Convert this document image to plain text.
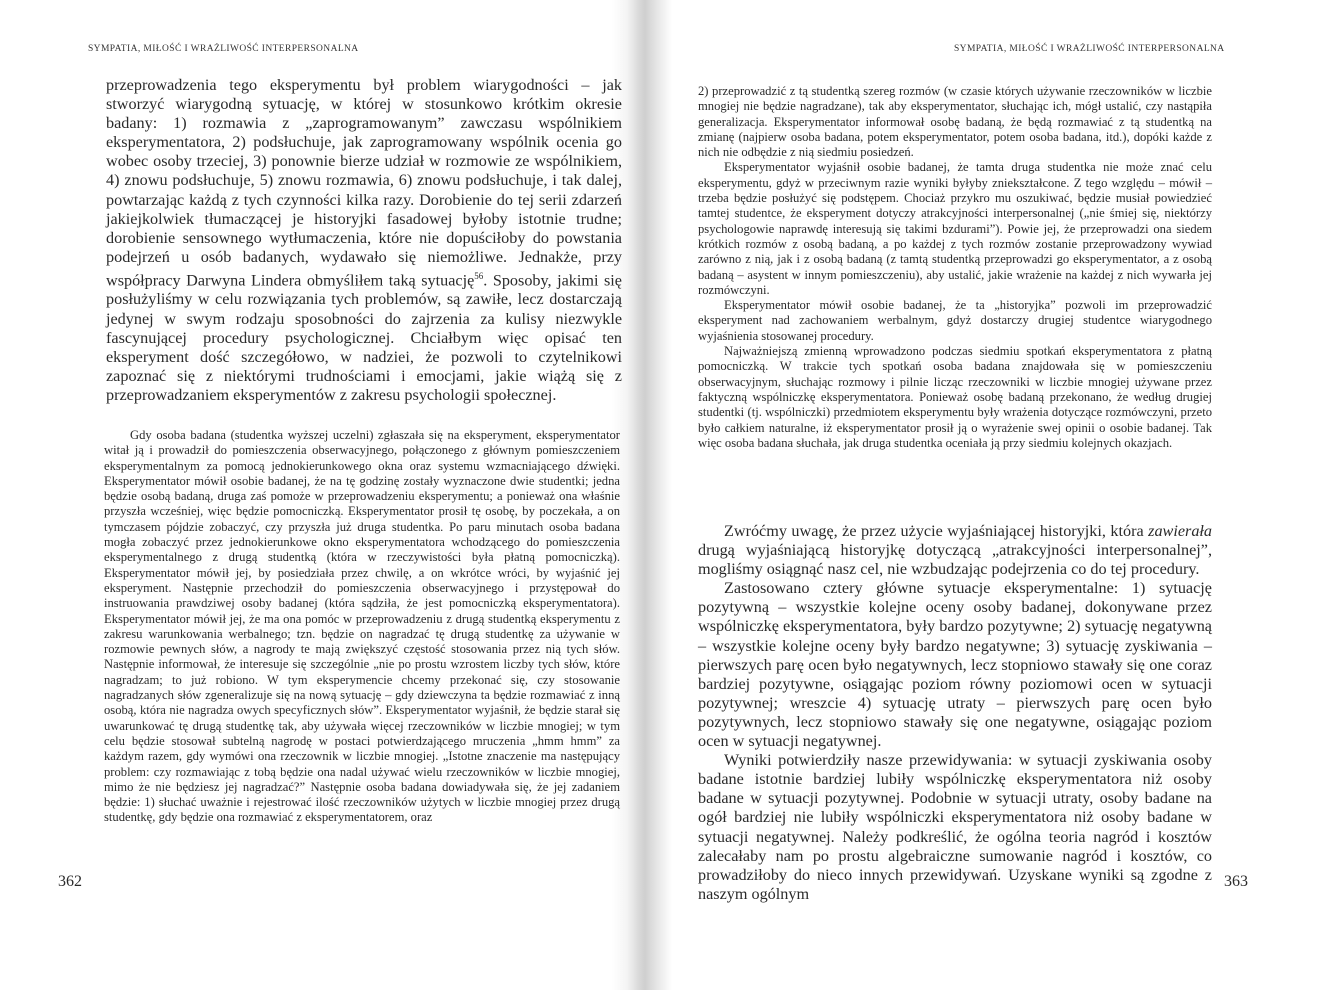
SYMPATIA, MIŁOŚĆ I WRAŻLIWOŚĆ INTERPERSONALNA

przeprowadzenia tego eksperymentu był problem wiarygodności – jak stworzyć wiarygodną sytuację, w której w stosunkowo krótkim okresie badany: 1) rozmawia z „zaprogramowanym” zawczasu wspólnikiem eksperymentatora, 2) podsłuchuje, jak zaprogramowany wspólnik ocenia go wobec osoby trzeciej, 3) ponownie bierze udział w rozmowie ze wspólnikiem, 4) znowu podsłuchuje, 5) znowu rozmawia, 6) znowu podsłuchuje, i tak dalej, powtarzając każdą z tych czynności kilka razy. Dorobienie do tej serii zdarzeń jakiejkolwiek tłumaczącej je historyjki fasadowej byłoby istotnie trudne; dorobienie sensownego wytłumaczenia, które nie dopuściłoby do powstania podejrzeń u osób badanych, wydawało się niemożliwe. Jednakże, przy współpracy Darwyna Lindera obmyśliłem taką sytuację$^{56}$. Sposoby, jakimi się posłużyliśmy w celu rozwiązania tych problemów, są zawiłe, lecz dostarczają jedynej w swym rodzaju sposobności do zajrzenia za kulisy niezwykle fascynującej procedury psychologicznej. Chciałbym więc opisać ten eksperyment dość szczegółowo, w nadziei, że pozwoli to czytelnikowi zapoznać się z niektórymi trudnościami i emocjami, jakie wiążą się z przeprowadzaniem eksperymentów z zakresu psychologii społecznej.

Gdy osoba badana (studentka wyższej uczelni) zgłaszała się na eksperyment, eksperymentator witał ją i prowadził do pomieszczenia obserwacyjnego, połączonego z głównym pomieszczeniem eksperymentalnym za pomocą jednokierunkowego okna oraz systemu wzmacniającego dźwięki. Eksperymentator mówił osobie badanej, że na tę godzinę zostały wyznaczone dwie studentki; jedna będzie osobą badaną, druga zaś pomoże w przeprowadzeniu eksperymentu; a ponieważ ona właśnie przyszła wcześniej, więc będzie pomocniczką. Eksperymentator prosił tę osobę, by poczekała, a on tymczasem pójdzie zobaczyć, czy przyszła już druga studentka. Po paru minutach osoba badana mogła zobaczyć przez jednokierunkowe okno eksperymentatora wchodzącego do pomieszczenia eksperymentalnego z drugą studentką (która w rzeczywistości była płatną pomocniczką). Eksperymentator mówił jej, by posiedziała przez chwilę, a on wkrótce wróci, by wyjaśnić jej eksperyment. Następnie przechodził do pomieszczenia obserwacyjnego i przystępował do instruowania prawdziwej osoby badanej (która sądziła, że jest pomocniczką eksperymentatora). Eksperymentator mówił jej, że ma ona pomóc w przeprowadzeniu z drugą studentką eksperymentu z zakresu warunkowania werbalnego; tzn. będzie on nagradzać tę drugą studentkę za używanie w rozmowie pewnych słów, a nagrody te mają zwiększyć częstość stosowania przez nią tych słów. Następnie informował, że interesuje się szczególnie „nie po prostu wzrostem liczby tych słów, które nagradzam; to już robiono. W tym eksperymencie chcemy przekonać się, czy stosowanie nagradzanych słów zgeneralizuje się na nową sytuację – gdy dziewczyna ta będzie rozmawiać z inną osobą, która nie nagradza owych specyficznych słów”. Eksperymentator wyjaśnił, że będzie starał się uwarunkować tę drugą studentkę tak, aby używała więcej rzeczowników w liczbie mnogiej; w tym celu będzie stosował subtelną nagrodę w postaci potwierdzającego mruczenia „hmm hmm” za każdym razem, gdy wymówi ona rzeczownik w liczbie mnogiej. „Istotne znaczenie ma następujący problem: czy rozmawiając z tobą będzie ona nadal używać wielu rzeczowników w liczbie mnogiej, mimo że nie będziesz jej nagradzać?” Następnie osoba badana dowiadywała się, że jej zadaniem będzie: 1) słuchać uważnie i rejestrować ilość rzeczowników użytych w liczbie mnogiej przez drugą studentkę, gdy będzie ona rozmawiać z eksperymentatorem, oraz

362
SYMPATIA, MIŁOŚĆ I WRAŻLIWOŚĆ INTERPERSONALNA

2) przeprowadzić z tą studentką szereg rozmów (w czasie których używanie rzeczowników w liczbie mnogiej nie będzie nagradzane), tak aby eksperymentator, słuchając ich, mógł ustalić, czy nastąpiła generalizacja. Eksperymentator informował osobę badaną, że będą rozmawiać z tą studentką na zmianę (najpierw osoba badana, potem eksperymentator, potem osoba badana, itd.), dopóki każde z nich nie odbędzie z nią siedmiu posiedzeń.

Eksperymentator wyjaśnił osobie badanej, że tamta druga studentka nie może znać celu eksperymentu, gdyż w przeciwnym razie wyniki byłyby zniekształcone. Z tego względu – mówił – trzeba będzie posłużyć się podstępem. Chociaż przykro mu oszukiwać, będzie musiał powiedzieć tamtej studentce, że eksperyment dotyczy atrakcyjności interpersonalnej („nie śmiej się, niektórzy psychologowie naprawdę interesują się takimi bzdurami”). Powie jej, że przeprowadzi ona siedem krótkich rozmów z osobą badaną, a po każdej z tych rozmów zostanie przeprowadzony wywiad zarówno z nią, jak i z osobą badaną (z tamtą studentką przeprowadzi go eksperymentator, a z osobą badaną – asystent w innym pomieszczeniu), aby ustalić, jakie wrażenie na każdej z nich wywarła jej rozmówczyni.

Eksperymentator mówił osobie badanej, że ta „historyjka” pozwoli im przeprowadzić eksperyment nad zachowaniem werbalnym, gdyż dostarczy drugiej studentce wiarygodnego wyjaśnienia stosowanej procedury.

Najważniejszą zmienną wprowadzono podczas siedmiu spotkań eksperymentatora z płatną pomocniczką. W trakcie tych spotkań osoba badana znajdowała się w pomieszczeniu obserwacyjnym, słuchając rozmowy i pilnie licząc rzeczowniki w liczbie mnogiej używane przez faktyczną wspólniczkę eksperymentatora. Ponieważ osobę badaną przekonano, że według drugiej studentki (tj. wspólniczki) przedmiotem eksperymentu były wrażenia dotyczące rozmówczyni, przeto było całkiem naturalne, iż eksperymentator prosił ją o wyrażenie swej opinii o osobie badanej. Tak więc osoba badana słuchała, jak druga studentka oceniała ją przy siedmiu kolejnych okazjach.

Zwróćmy uwagę, że przez użycie wyjaśniającej historyjki, która zawierała drugą wyjaśniającą historyjkę dotyczącą „atrakcyjności interpersonalnej”, mogliśmy osiągnąć nasz cel, nie wzbudzając podejrzenia co do tej procedury.

Zastosowano cztery główne sytuacje eksperymentalne: 1) sytuację pozytywną – wszystkie kolejne oceny osoby badanej, dokonywane przez wspólniczkę eksperymentatora, były bardzo pozytywne; 2) sytuację negatywną – wszystkie kolejne oceny były bardzo negatywne; 3) sytuację zyskiwania – pierwszych parę ocen było negatywnych, lecz stopniowo stawały się one coraz bardziej pozytywne, osiągając poziom równy poziomowi ocen w sytuacji pozytywnej; wreszcie 4) sytuację utraty – pierwszych parę ocen było pozytywnych, lecz stopniowo stawały się one negatywne, osiągając poziom ocen w sytuacji negatywnej.

Wyniki potwierdziły nasze przewidywania: w sytuacji zyskiwania osoby badane istotnie bardziej lubiły wspólniczkę eksperymentatora niż osoby badane w sytuacji pozytywnej. Podobnie w sytuacji utraty, osoby badane na ogół bardziej nie lubiły wspólniczki eksperymentatora niż osoby badane w sytuacji negatywnej. Należy podkreślić, że ogólna teoria nagród i kosztów zalecałaby nam po prostu algebraiczne sumowanie nagród i kosztów, co prowadziłoby do nieco innych przewidywań. Uzyskane wyniki są zgodne z naszym ogólnym

363
